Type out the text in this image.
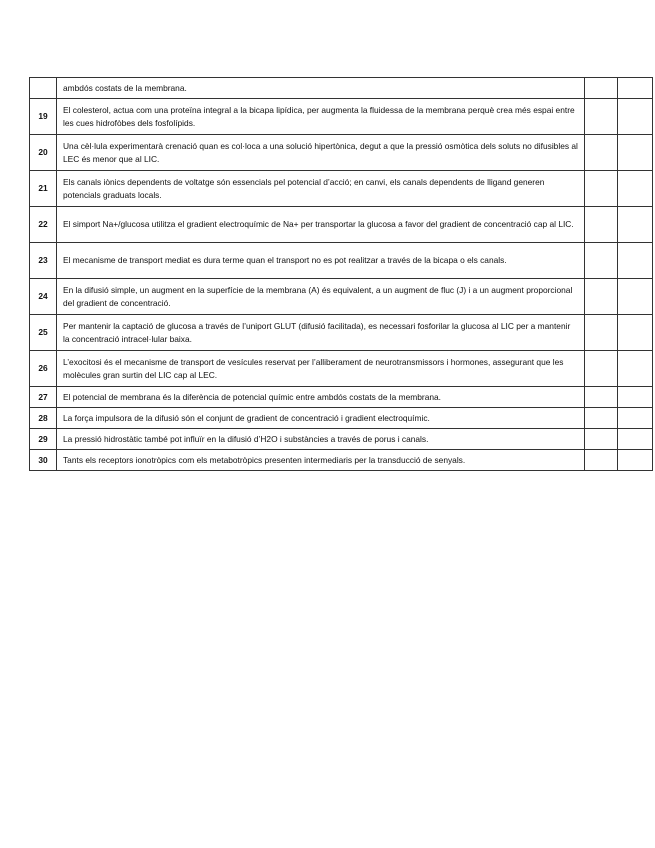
	ambdós costats de la membrana.		
19	El colesterol, actua com una proteïna integral a la bicapa lipídica, per augmenta la fluidessa de la membrana perquè crea més espai entre les cues hidrofòbes dels fosfolípids.		
20	Una cèl·lula experimentarà crenació quan es col·loca a una solució hipertònica, degut a que la pressió osmòtica dels soluts no difusibles al LEC és menor que al LIC.		
21	Els canals iònics dependents de voltatge són essencials pel potencial d’acció; en canvi, els canals dependents de lligand generen potencials graduats locals.		
22	El simport Na+/glucosa utilitza el gradient electroquímic de Na+ per transportar la glucosa a favor del gradient de concentració cap al LIC.		
23	El mecanisme de transport mediat es dura terme quan el transport no es pot realitzar a través de la bicapa o els canals.		
24	En la difusió simple, un augment en la superfície de la membrana (A) és equivalent, a un augment de fluc (J) i a un augment proporcional del gradient de concentració.		
25	Per mantenir la captació de glucosa a través de l’uniport GLUT (difusió facilitada), es necessari fosforilar la glucosa al LIC per a mantenir la concentració intracel·lular baixa.		
26	L’exocitosi és el mecanisme de transport de vesícules reservat per l’alliberament de neurotransmissors i hormones, assegurant que les molècules gran surtin del LIC cap al LEC.		
27	El potencial de membrana és la diferència de potencial químic entre ambdós costats de la membrana.		
28	La força impulsora de la difusió són el conjunt de gradient de concentració i gradient electroquímic.		
29	La pressió hidrostàtic també pot influïr en la difusió d’H2O i substàncies a través de porus i canals.		
30	Tants els receptors ionotròpics com els metabotròpics presenten intermediaris per la transducció de senyals.		
